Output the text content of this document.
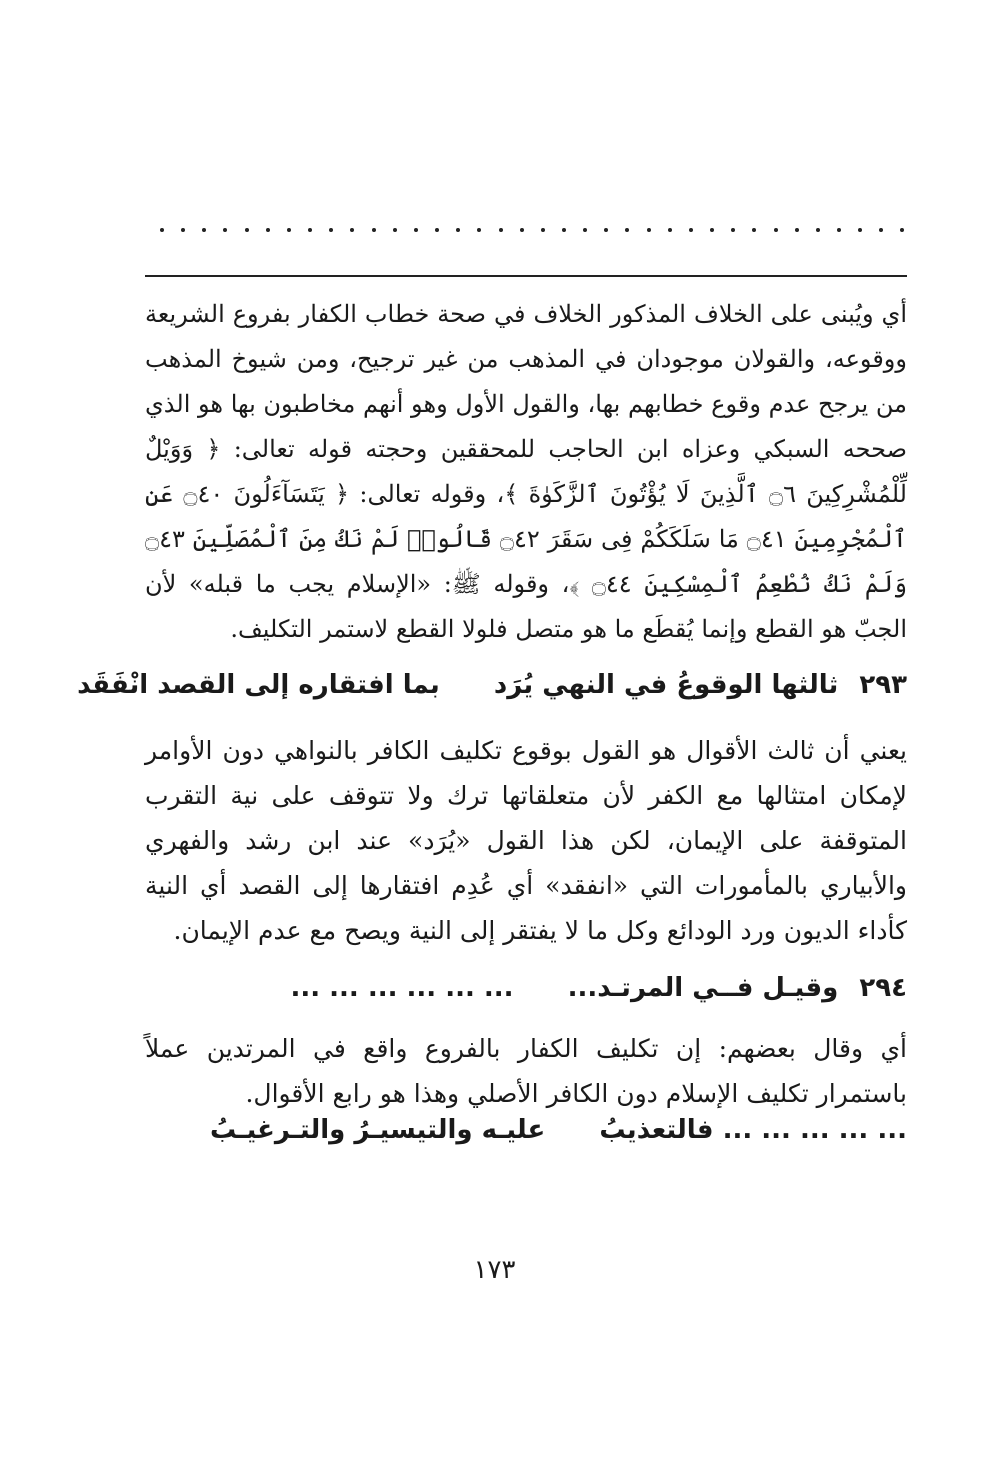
أي ويُبنى على الخلاف المذكور الخلاف في صحة خطاب الكفار بفروع الشريعة ووقوعه، والقولان موجودان في المذهب من غير ترجيح، ومن شيوخ المذهب من يرجح عدم وقوع خطابهم بها، والقول الأول وهو أنهم مخاطبون بها هو الذي صححه السبكي وعزاه ابن الحاجب للمحققين وحجته قوله تعالى: ﴿ وَوَيْلٌ لِّلْمُشْرِكِينَ ۝٦ ٱلَّذِينَ لَا يُؤْتُونَ ٱلزَّكَوٰةَ ﴾، وقوله تعالى: ﴿ يَتَسَآءَلُونَ ۝٤٠ عَنِ ٱلْمُجْرِمِينَ ۝٤١ مَا سَلَكَكُمْ فِى سَقَرَ ۝٤٢ قَالُوا۟ لَمْ نَكُ مِنَ ٱلْمُصَلِّينَ ۝٤٣ وَلَمْ نَكُ نُطْعِمُ ٱلْمِسْكِينَ ۝٤٤ ﴾، وقوله ﷺ: «الإسلام يجب ما قبله» لأن الجبّ هو القطع وإنما يُقطَع ما هو متصل فلولا القطع لاستمر التكليف.

٢٩٣ ثالثها الوقوعُ في النهي يُرَد  بما افتقاره إلى القصد انْفَقَد

يعني أن ثالث الأقوال هو القول بوقوع تكليف الكافر بالنواهي دون الأوامر لإمكان امتثالها مع الكفر لأن متعلقاتها ترك ولا تتوقف على نية التقرب المتوقفة على الإيمان، لكن هذا القول «يُرَد» عند ابن رشد والفهري والأبياري بالمأمورات التي «انفقد» أي عُدِم افتقارها إلى القصد أي النية كأداء الديون ورد الودائع وكل ما لا يفتقر إلى النية ويصح مع عدم الإيمان.

٢٩٤ وقيـل فــي المرتـد...  ... ... ... ... ... ...

أي وقال بعضهم: إن تكليف الكفار بالفروع واقع في المرتدين عملاً باستمرار تكليف الإسلام دون الكافر الأصلي وهذا هو رابع الأقوال.

... ... ... ... ... فالتعذيبُ  عليـه والتيسيـرُ والتـرغيـبُ
١٧٣
